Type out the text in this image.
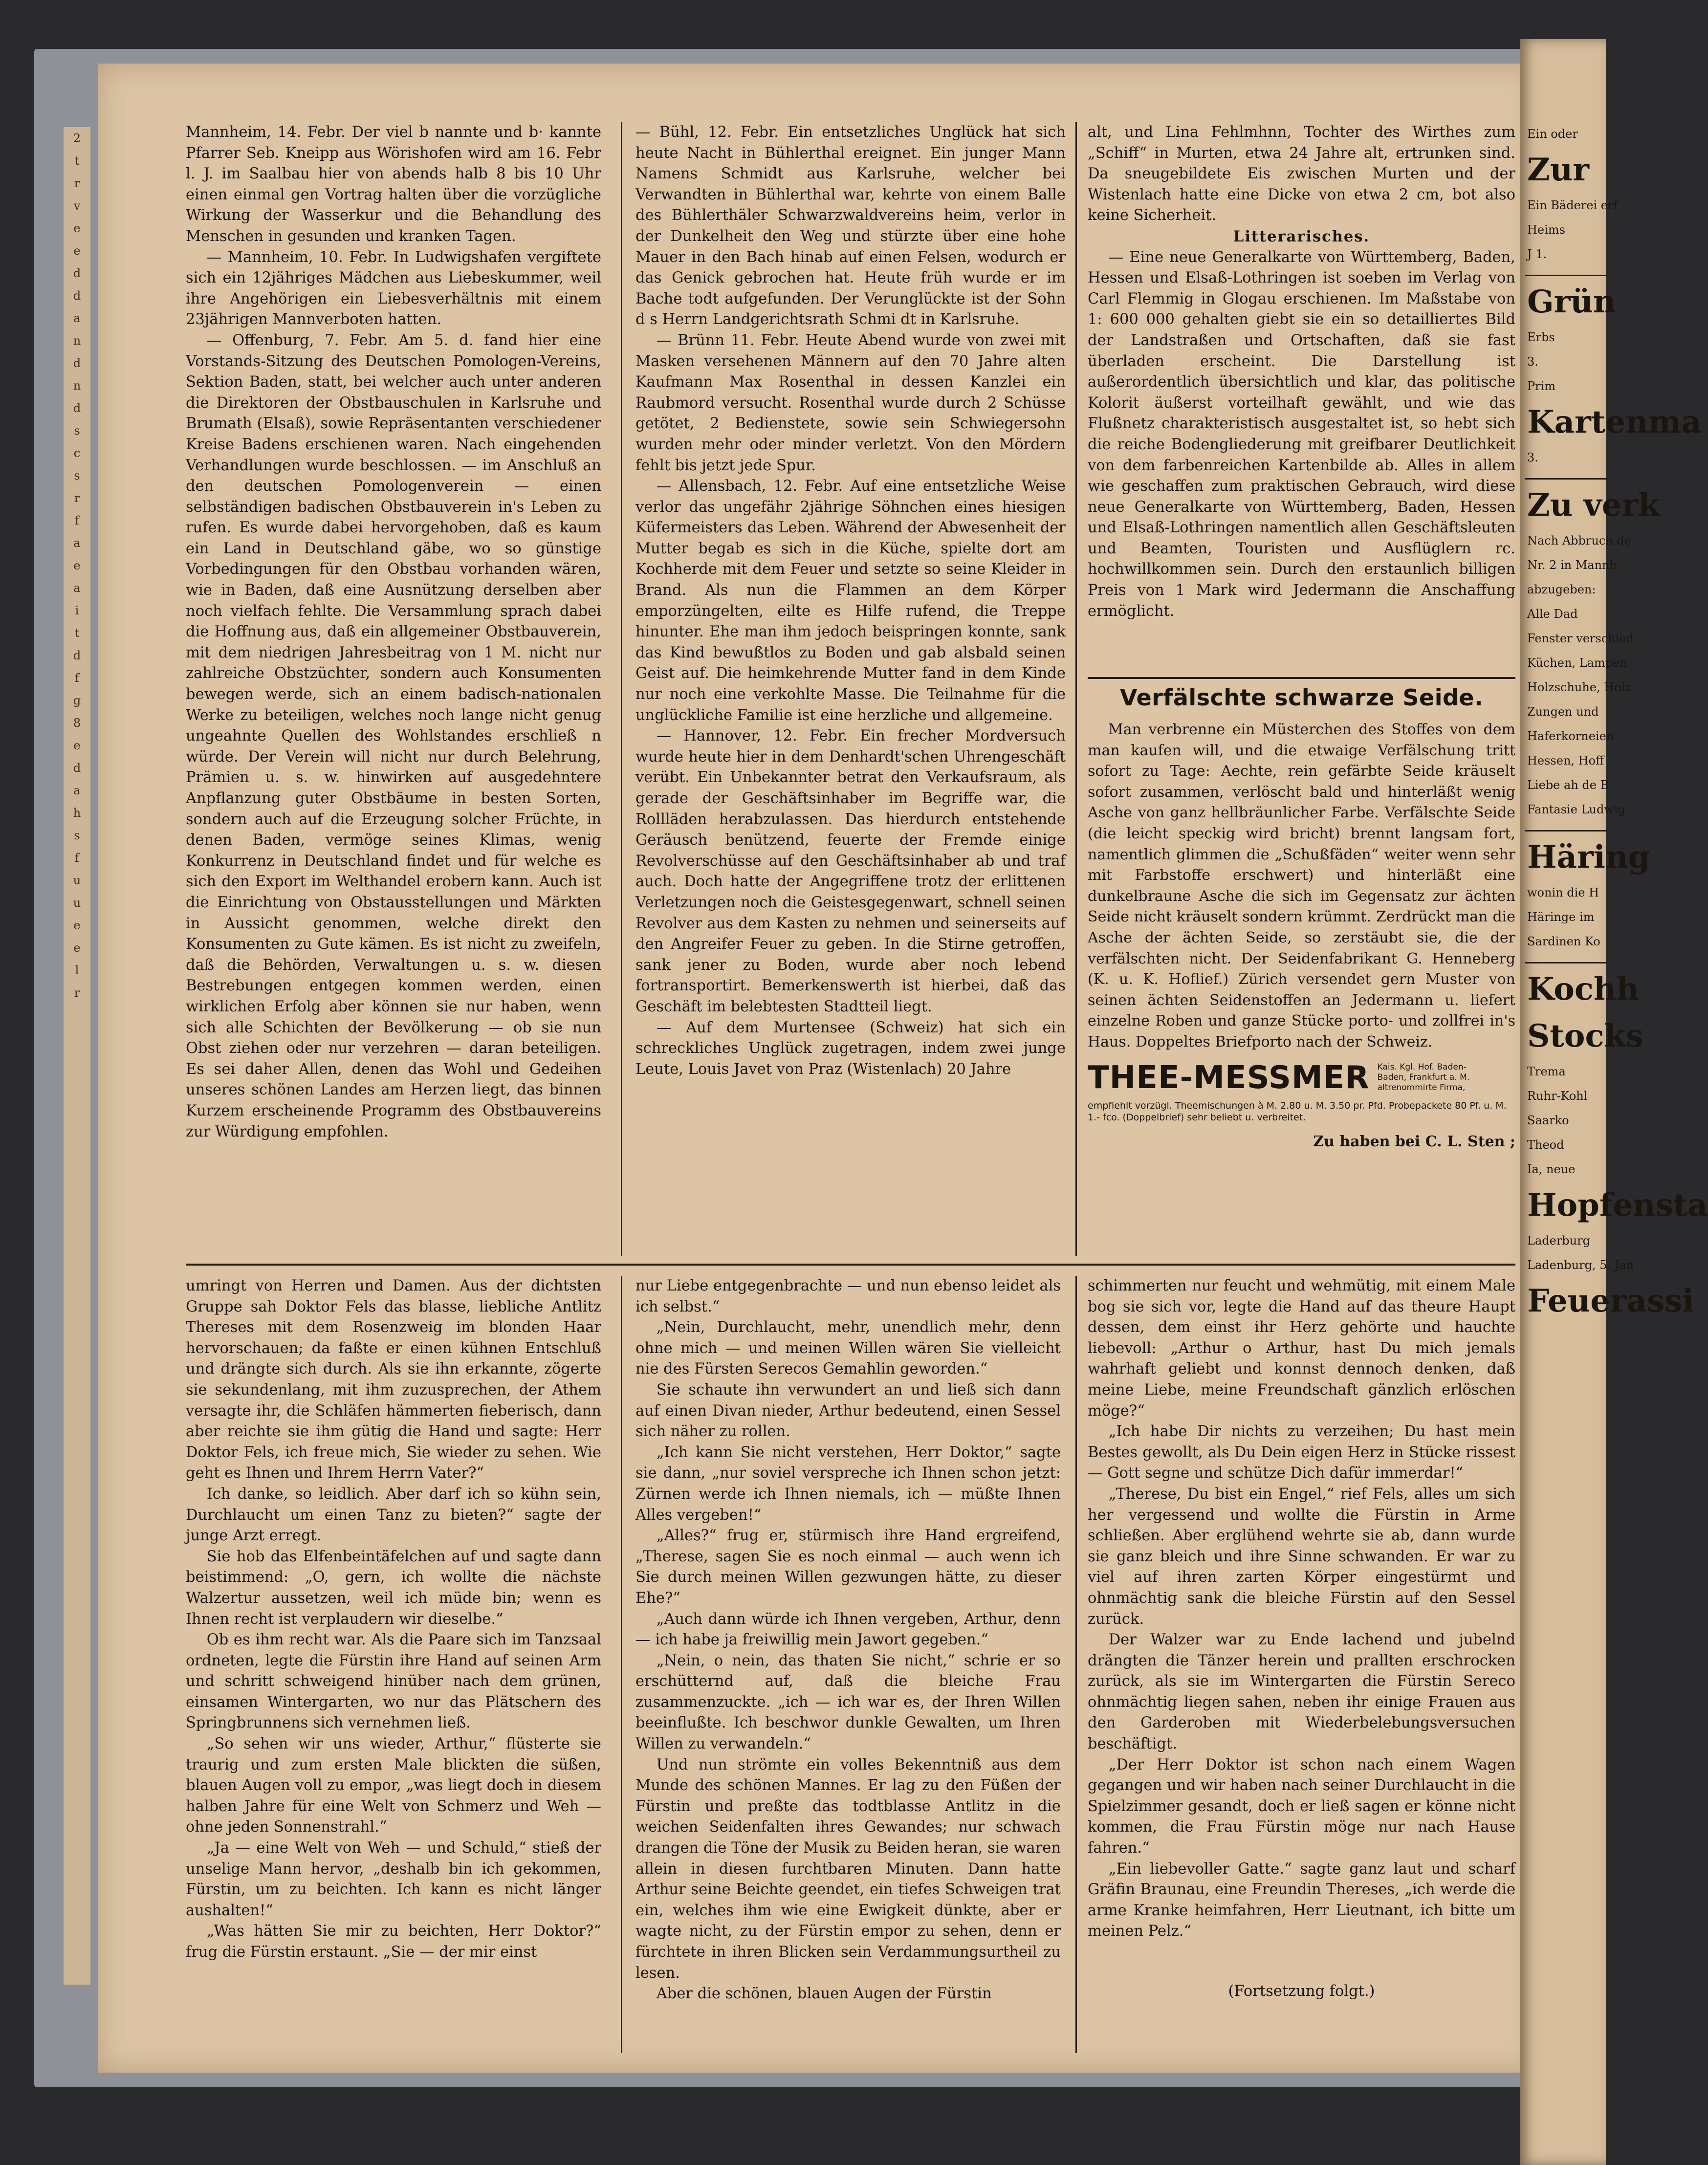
2
t
r
v
e
e
d
d
a
n
d
n
d
s
c
s
r
f
a
e
a
i
t
d
f
g
8
e
d
a
h
s
f
u
u
e
e
l
r

Mannheim, 14. Febr. Der viel b nannte und b· kannte Pfarrer Seb. Kneipp aus Wörishofen wird am 16. Febr l. J. im Saalbau hier von abends halb 8 bis 10 Uhr einen einmal gen Vortrag halten über die vorzügliche Wirkung der Wasserkur und die Behandlung des Menschen in gesunden und kranken Tagen.

— Mannheim, 10. Febr. In Ludwigshafen vergiftete sich ein 12jähriges Mädchen aus Liebeskummer, weil ihre Angehörigen ein Liebesverhältnis mit einem 23jährigen Mannverboten hatten.

— Offenburg, 7. Febr. Am 5. d. fand hier eine Vorstands-Sitzung des Deutschen Pomologen-Vereins, Sektion Baden, statt, bei welcher auch unter anderen die Direktoren der Obstbauschulen in Karlsruhe und Brumath (Elsaß), sowie Repräsentanten verschiedener Kreise Badens erschienen waren. Nach eingehenden Verhandlungen wurde beschlossen. — im Anschluß an den deutschen Pomologenverein — einen selbständigen badischen Obstbauverein in's Leben zu rufen. Es wurde dabei hervorgehoben, daß es kaum ein Land in Deutschland gäbe, wo so günstige Vorbedingungen für den Obstbau vorhanden wären, wie in Baden, daß eine Ausnützung derselben aber noch vielfach fehlte. Die Versammlung sprach dabei die Hoffnung aus, daß ein allgemeiner Obstbauverein, mit dem niedrigen Jahresbeitrag von 1 M. nicht nur zahlreiche Obstzüchter, sondern auch Konsumenten bewegen werde, sich an einem badisch-nationalen Werke zu beteiligen, welches noch lange nicht genug ungeahnte Quellen des Wohlstandes erschließ n würde. Der Verein will nicht nur durch Belehrung, Prämien u. s. w. hinwirken auf ausgedehntere Anpflanzung guter Obstbäume in besten Sorten, sondern auch auf die Erzeugung solcher Früchte, in denen Baden, vermöge seines Klimas, wenig Konkurrenz in Deutschland findet und für welche es sich den Export im Welthandel erobern kann. Auch ist die Einrichtung von Obstausstellungen und Märkten in Aussicht genommen, welche direkt den Konsumenten zu Gute kämen. Es ist nicht zu zweifeln, daß die Behörden, Verwaltungen u. s. w. diesen Bestrebungen entgegen kommen werden, einen wirklichen Erfolg aber können sie nur haben, wenn sich alle Schichten der Bevölkerung — ob sie nun Obst ziehen oder nur verzehren — daran beteiligen. Es sei daher Allen, denen das Wohl und Gedeihen unseres schönen Landes am Herzen liegt, das binnen Kurzem erscheinende Programm des Obstbauvereins zur Würdigung empfohlen.

— Bühl, 12. Febr. Ein entsetzliches Unglück hat sich heute Nacht in Bühlerthal ereignet. Ein junger Mann Namens Schmidt aus Karlsruhe, welcher bei Verwandten in Bühlerthal war, kehrte von einem Balle des Bühlerthäler Schwarzwaldvereins heim, verlor in der Dunkelheit den Weg und stürzte über eine hohe Mauer in den Bach hinab auf einen Felsen, wodurch er das Genick gebrochen hat. Heute früh wurde er im Bache todt aufgefunden. Der Verunglückte ist der Sohn d s Herrn Landgerichtsrath Schmi dt in Karlsruhe.

— Brünn 11. Febr. Heute Abend wurde von zwei mit Masken versehenen Männern auf den 70 Jahre alten Kaufmann Max Rosenthal in dessen Kanzlei ein Raubmord versucht. Rosenthal wurde durch 2 Schüsse getötet, 2 Bedienstete, sowie sein Schwiegersohn wurden mehr oder minder verletzt. Von den Mördern fehlt bis jetzt jede Spur.

— Allensbach, 12. Febr. Auf eine entsetzliche Weise verlor das ungefähr 2jährige Söhnchen eines hiesigen Küfermeisters das Leben. Während der Abwesenheit der Mutter begab es sich in die Küche, spielte dort am Kochherde mit dem Feuer und setzte so seine Kleider in Brand. Als nun die Flammen an dem Körper emporzüngelten, eilte es Hilfe rufend, die Treppe hinunter. Ehe man ihm jedoch beispringen konnte, sank das Kind bewußtlos zu Boden und gab alsbald seinen Geist auf. Die heimkehrende Mutter fand in dem Kinde nur noch eine verkohlte Masse. Die Teilnahme für die unglückliche Familie ist eine herzliche und allgemeine.

— Hannover, 12. Febr. Ein frecher Mordversuch wurde heute hier in dem Denhardt'schen Uhrengeschäft verübt. Ein Unbekannter betrat den Verkaufsraum, als gerade der Geschäftsinhaber im Begriffe war, die Rollläden herabzulassen. Das hierdurch entstehende Geräusch benützend, feuerte der Fremde einige Revolverschüsse auf den Geschäftsinhaber ab und traf auch. Doch hatte der Angegriffene trotz der erlittenen Verletzungen noch die Geistesgegenwart, schnell seinen Revolver aus dem Kasten zu nehmen und seinerseits auf den Angreifer Feuer zu geben. In die Stirne getroffen, sank jener zu Boden, wurde aber noch lebend fortransportirt. Bemerkenswerth ist hierbei, daß das Geschäft im belebtesten Stadtteil liegt.

— Auf dem Murtensee (Schweiz) hat sich ein schreckliches Unglück zugetragen, indem zwei junge Leute, Louis Javet von Praz (Wistenlach) 20 Jahre

alt, und Lina Fehlmhnn, Tochter des Wirthes zum „Schiff“ in Murten, etwa 24 Jahre alt, ertrunken sind. Da sneugebildete Eis zwischen Murten und der Wistenlach hatte eine Dicke von etwa 2 cm, bot also keine Sicherheit.

Litterarisches.

— Eine neue Generalkarte von Württemberg, Baden, Hessen und Elsaß-Lothringen ist soeben im Verlag von Carl Flemmig in Glogau erschienen. Im Maßstabe von 1: 600 000 gehalten giebt sie ein so detailliertes Bild der Landstraßen und Ortschaften, daß sie fast überladen erscheint. Die Darstellung ist außerordentlich übersichtlich und klar, das politische Kolorit äußerst vorteilhaft gewählt, und wie das Flußnetz charakteristisch ausgestaltet ist, so hebt sich die reiche Bodengliederung mit greifbarer Deutlichkeit von dem farbenreichen Kartenbilde ab. Alles in allem wie geschaffen zum praktischen Gebrauch, wird diese neue Generalkarte von Württemberg, Baden, Hessen und Elsaß-Lothringen namentlich allen Geschäftsleuten und Beamten, Touristen und Ausflüglern rc. hochwillkommen sein. Durch den erstaunlich billigen Preis von 1 Mark wird Jedermann die Anschaffung ermöglicht.

Verfälschte schwarze Seide.

Man verbrenne ein Müsterchen des Stoffes von dem man kaufen will, und die etwaige Verfälschung tritt sofort zu Tage: Aechte, rein gefärbte Seide kräuselt sofort zusammen, verlöscht bald und hinterläßt wenig Asche von ganz hellbräunlicher Farbe. Verfälschte Seide (die leicht speckig wird bricht) brennt langsam fort, namentlich glimmen die „Schußfäden“ weiter wenn sehr mit Farbstoffe erschwert) und hinterläßt eine dunkelbraune Asche die sich im Gegensatz zur ächten Seide nicht kräuselt sondern krümmt. Zerdrückt man die Asche der ächten Seide, so zerstäubt sie, die der verfälschten nicht. Der Seidenfabrikant G. Henneberg (K. u. K. Hoflief.) Zürich versendet gern Muster von seinen ächten Seidenstoffen an Jedermann u. liefert einzelne Roben und ganze Stücke porto- und zollfrei in's Haus. Doppeltes Briefporto nach der Schweiz.

THEE-MESSMER Kais. Kgl. Hof. Baden-
Baden, Frankfurt a. M.
altrenommirte Firma,
empfiehlt vorzügl. Theemischungen à M. 2.80 u. M. 3.50 pr. Pfd. Probepackete 80 Pf. u. M. 1.- fco. (Doppelbrief) sehr beliebt u. verbreitet.
Zu haben bei C. L. Sten ;

umringt von Herren und Damen. Aus der dichtsten Gruppe sah Doktor Fels das blasse, liebliche Antlitz Thereses mit dem Rosenzweig im blonden Haar hervorschauen; da faßte er einen kühnen Entschluß und drängte sich durch. Als sie ihn erkannte, zögerte sie sekundenlang, mit ihm zuzusprechen, der Athem versagte ihr, die Schläfen hämmerten fieberisch, dann aber reichte sie ihm gütig die Hand und sagte: Herr Doktor Fels, ich freue mich, Sie wieder zu sehen. Wie geht es Ihnen und Ihrem Herrn Vater?“

Ich danke, so leidlich. Aber darf ich so kühn sein, Durchlaucht um einen Tanz zu bieten?“ sagte der junge Arzt erregt.

Sie hob das Elfenbeintäfelchen auf und sagte dann beistimmend: „O, gern, ich wollte die nächste Walzertur aussetzen, weil ich müde bin; wenn es Ihnen recht ist verplaudern wir dieselbe.“

Ob es ihm recht war. Als die Paare sich im Tanzsaal ordneten, legte die Fürstin ihre Hand auf seinen Arm und schritt schweigend hinüber nach dem grünen, einsamen Wintergarten, wo nur das Plätschern des Springbrunnens sich vernehmen ließ.

„So sehen wir uns wieder, Arthur,“ flüsterte sie traurig und zum ersten Male blickten die süßen, blauen Augen voll zu empor, „was liegt doch in diesem halben Jahre für eine Welt von Schmerz und Weh — ohne jeden Sonnenstrahl.“

„Ja — eine Welt von Weh — und Schuld,“ stieß der unselige Mann hervor, „deshalb bin ich gekommen, Fürstin, um zu beichten. Ich kann es nicht länger aushalten!“

„Was hätten Sie mir zu beichten, Herr Doktor?“ frug die Fürstin erstaunt. „Sie — der mir einst

nur Liebe entgegenbrachte — und nun ebenso leidet als ich selbst.“

„Nein, Durchlaucht, mehr, unendlich mehr, denn ohne mich — und meinen Willen wären Sie vielleicht nie des Fürsten Serecos Gemahlin geworden.“

Sie schaute ihn verwundert an und ließ sich dann auf einen Divan nieder, Arthur bedeutend, einen Sessel sich näher zu rollen.

„Ich kann Sie nicht verstehen, Herr Doktor,“ sagte sie dann, „nur soviel verspreche ich Ihnen schon jetzt: Zürnen werde ich Ihnen niemals, ich — müßte Ihnen Alles vergeben!“

„Alles?“ frug er, stürmisch ihre Hand ergreifend, „Therese, sagen Sie es noch einmal — auch wenn ich Sie durch meinen Willen gezwungen hätte, zu dieser Ehe?“

„Auch dann würde ich Ihnen vergeben, Arthur, denn — ich habe ja freiwillig mein Jawort gegeben.“

„Nein, o nein, das thaten Sie nicht,“ schrie er so erschütternd auf, daß die bleiche Frau zusammenzuckte. „ich — ich war es, der Ihren Willen beeinflußte. Ich beschwor dunkle Gewalten, um Ihren Willen zu verwandeln.“

Und nun strömte ein volles Bekenntniß aus dem Munde des schönen Mannes. Er lag zu den Füßen der Fürstin und preßte das todtblasse Antlitz in die weichen Seidenfalten ihres Gewandes; nur schwach drangen die Töne der Musik zu Beiden heran, sie waren allein in diesen furchtbaren Minuten. Dann hatte Arthur seine Beichte geendet, ein tiefes Schweigen trat ein, welches ihm wie eine Ewigkeit dünkte, aber er wagte nicht, zu der Fürstin empor zu sehen, denn er fürchtete in ihren Blicken sein Verdammungsurtheil zu lesen.

Aber die schönen, blauen Augen der Fürstin

schimmerten nur feucht und wehmütig, mit einem Male bog sie sich vor, legte die Hand auf das theure Haupt dessen, dem einst ihr Herz gehörte und hauchte liebevoll: „Arthur o Arthur, hast Du mich jemals wahrhaft geliebt und konnst dennoch denken, daß meine Liebe, meine Freundschaft gänzlich erlöschen möge?“

„Ich habe Dir nichts zu verzeihen; Du hast mein Bestes gewollt, als Du Dein eigen Herz in Stücke rissest — Gott segne und schütze Dich dafür immerdar!“

„Therese, Du bist ein Engel,“ rief Fels, alles um sich her vergessend und wollte die Fürstin in Arme schließen. Aber erglühend wehrte sie ab, dann wurde sie ganz bleich und ihre Sinne schwanden. Er war zu viel auf ihren zarten Körper eingestürmt und ohnmächtig sank die bleiche Fürstin auf den Sessel zurück.

Der Walzer war zu Ende lachend und jubelnd drängten die Tänzer herein und prallten erschrocken zurück, als sie im Wintergarten die Fürstin Sereco ohnmächtig liegen sahen, neben ihr einige Frauen aus den Garderoben mit Wiederbelebungsversuchen beschäftigt.

„Der Herr Doktor ist schon nach einem Wagen gegangen und wir haben nach seiner Durchlaucht in die Spielzimmer gesandt, doch er ließ sagen er könne nicht kommen, die Frau Fürstin möge nur nach Hause fahren.“

„Ein liebevoller Gatte.“ sagte ganz laut und scharf Gräfin Braunau, eine Freundin Thereses, „ich werde die arme Kranke heimfahren, Herr Lieutnant, ich bitte um meinen Pelz.“

(Fortsetzung folgt.)

Ein oder
Zur
Ein Bäderei erf
Heims
J 1.
Grün
Erbs
3.
Prim
Kartenma
3.
Zu verk
Nach Abbruch de
Nr. 2 in Mannh
abzugeben:
Alle Dad
Fenster verschied
Küchen, Lampen
Holzschuhe, Holz
Zungen und
Haferkorneien
Hessen, Hoff
Liebe ah de B
Fantasie Ludwig
Häring
wonin die H
Häringe im
Sardinen Ko
Kochh
Stocks
Trema
Ruhr-Kohl
Saarko
Theod
Ia, neue
Hopfensta
Laderburg
Ladenburg, 5. Jan
Feuerassi
